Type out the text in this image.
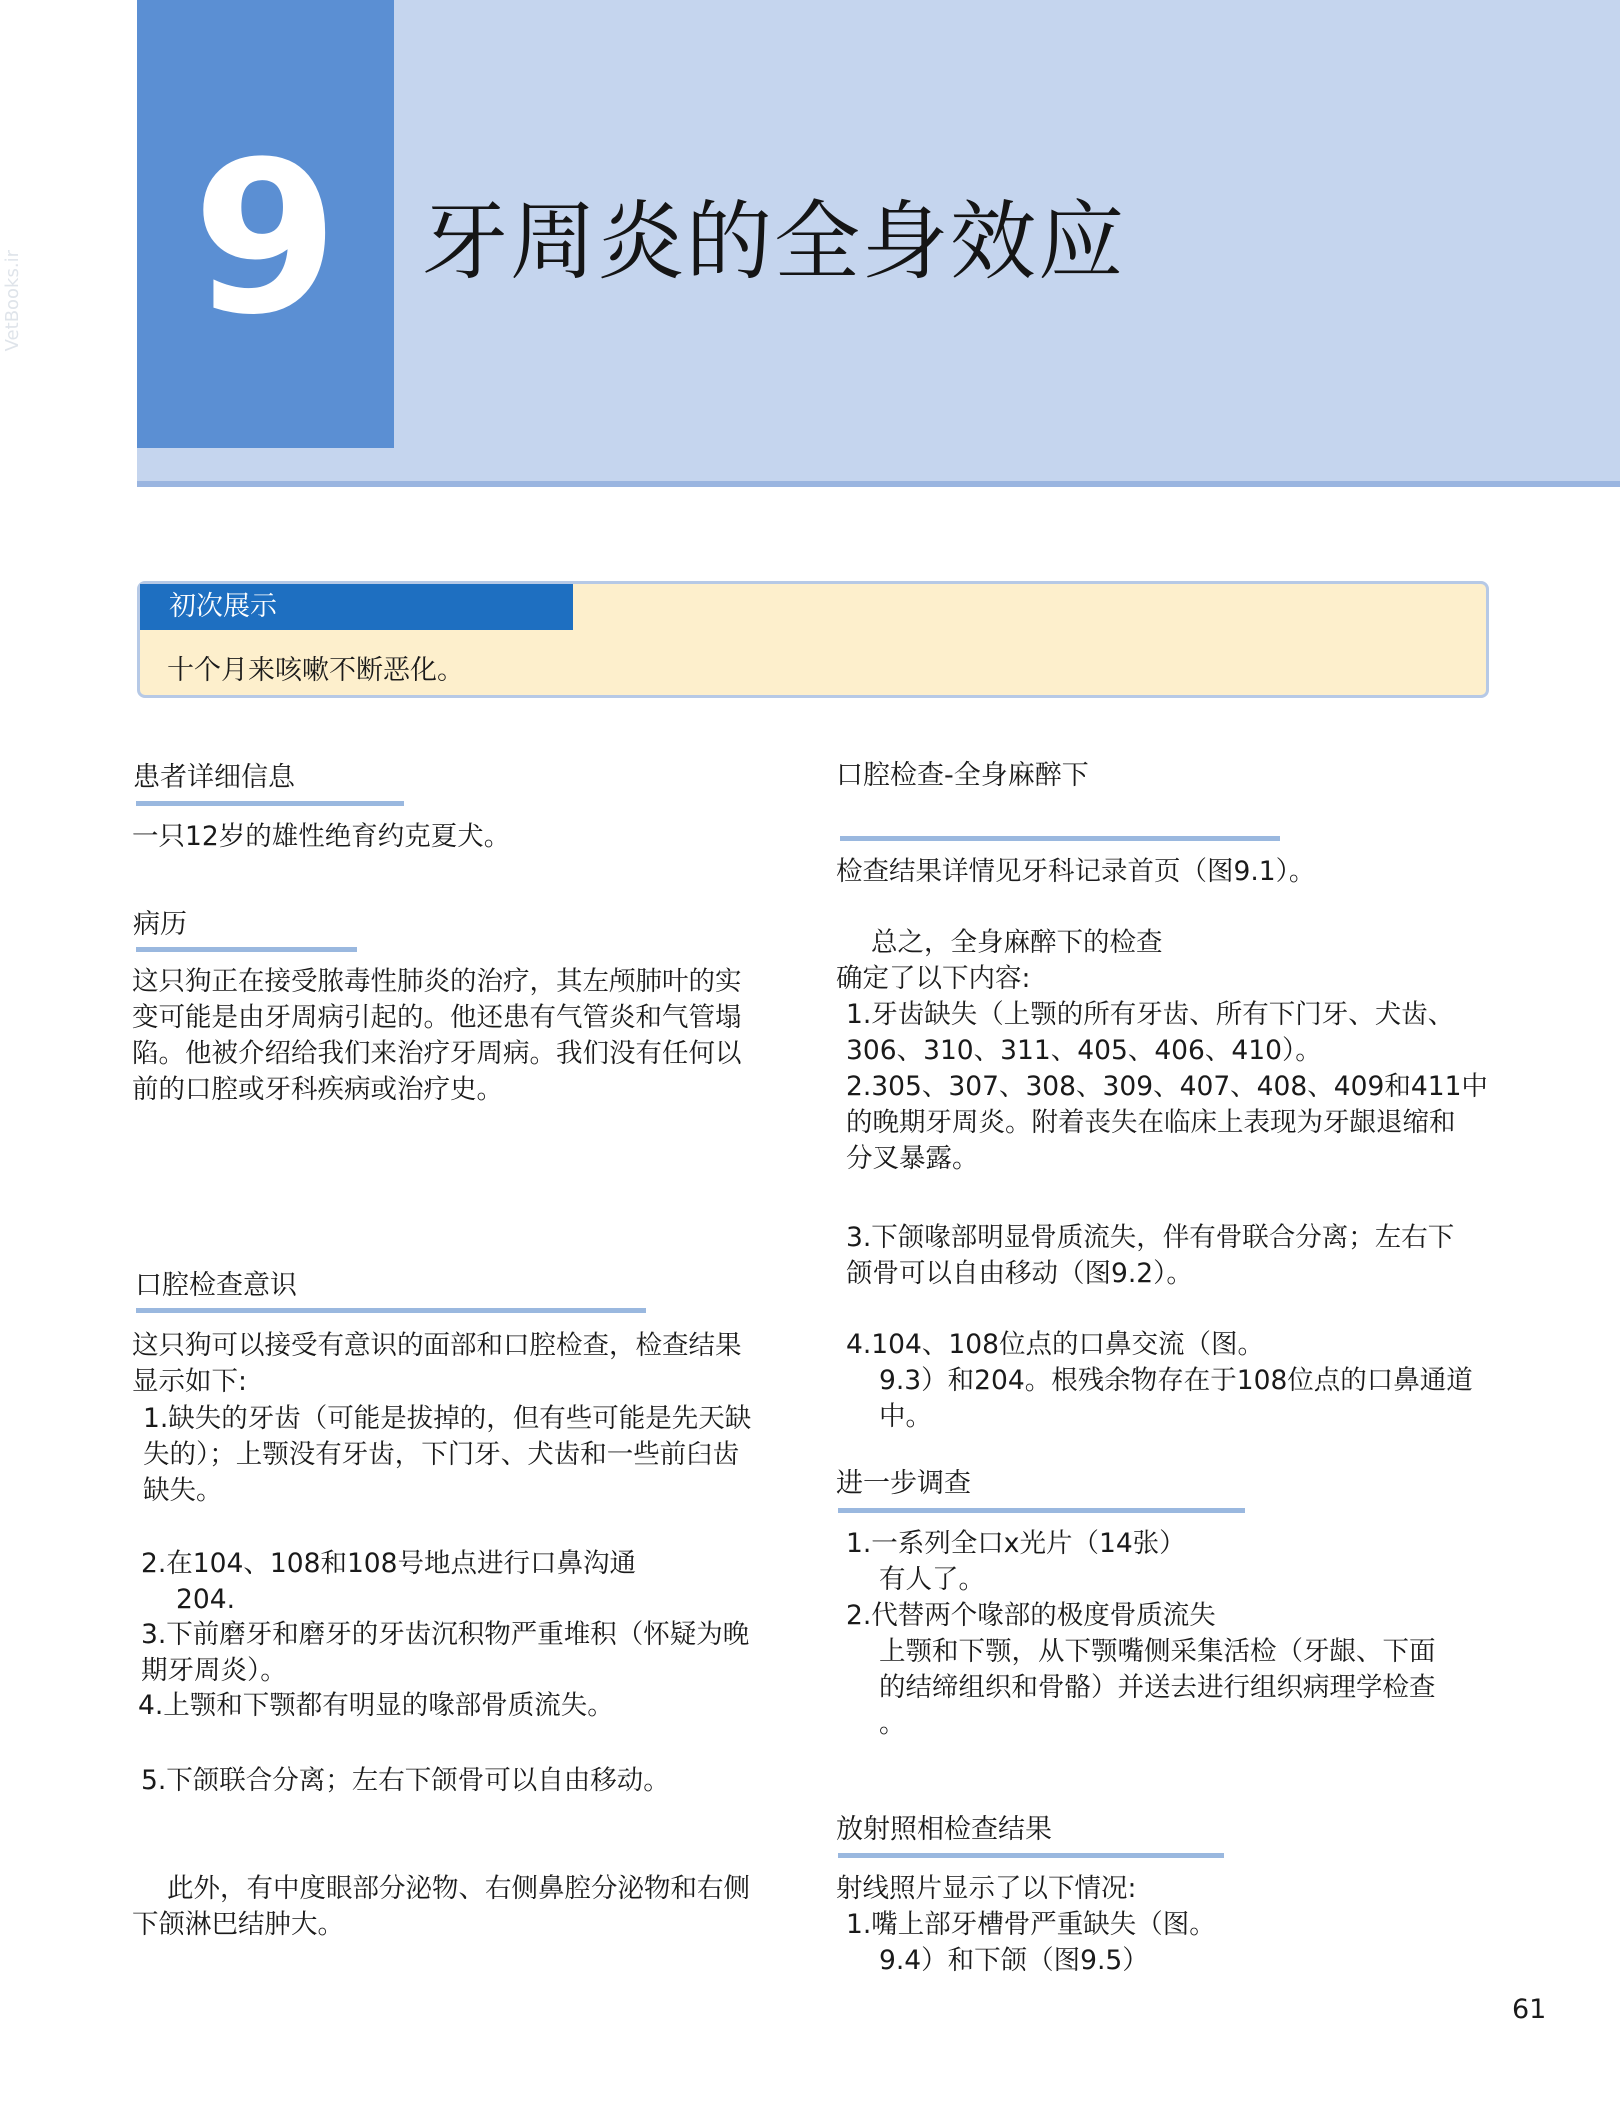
9 牙周炎的全身效应
VetBooks.ir
初次展示
十个月来咳嗽不断恶化。
患者详细信息
一只12岁的雄性绝育约克夏犬。
病历
这只狗正在接受脓毒性肺炎的治疗，其左颅肺叶的实
变可能是由牙周病引起的。他还患有气管炎和气管塌
陷。他被介绍给我们来治疗牙周病。我们没有任何以
前的口腔或牙科疾病或治疗史。
口腔检查意识
这只狗可以接受有意识的面部和口腔检查，检查结果
显示如下:
1.缺失的牙齿（可能是拔掉的，但有些可能是先天缺
失的）；上颚没有牙齿，下门牙、犬齿和一些前臼齿
缺失。
2.在104、108和108号地点进行口鼻沟通
204.
3.下前磨牙和磨牙的牙齿沉积物严重堆积（怀疑为晚
期牙周炎）。
4.上颚和下颚都有明显的喙部骨质流失。
5.下颌联合分离；左右下颌骨可以自由移动。
此外，有中度眼部分泌物、右侧鼻腔分泌物和右侧
下颌淋巴结肿大。
口腔检查-全身麻醉下
检查结果详情见牙科记录首页（图9.1）。
总之，全身麻醉下的检查
确定了以下内容:
1.牙齿缺失（上颚的所有牙齿、所有下门牙、犬齿、
306、310、311、405、406、410）。
2.305、307、308、309、407、408、409和411中
的晚期牙周炎。附着丧失在临床上表现为牙龈退缩和
分叉暴露。
3.下颌喙部明显骨质流失，伴有骨联合分离；左右下
颌骨可以自由移动（图9.2）。
4.104、108位点的口鼻交流（图。
9.3）和204。根残余物存在于108位点的口鼻通道
中。
进一步调查
1.一系列全口x光片（14张）
有人了。
2.代替两个喙部的极度骨质流失
上颚和下颚，从下颚嘴侧采集活检（牙龈、下面
的结缔组织和骨骼）并送去进行组织病理学检查
。
放射照相检查结果
射线照片显示了以下情况:
1.嘴上部牙槽骨严重缺失（图。
9.4）和下颌（图9.5）
61
